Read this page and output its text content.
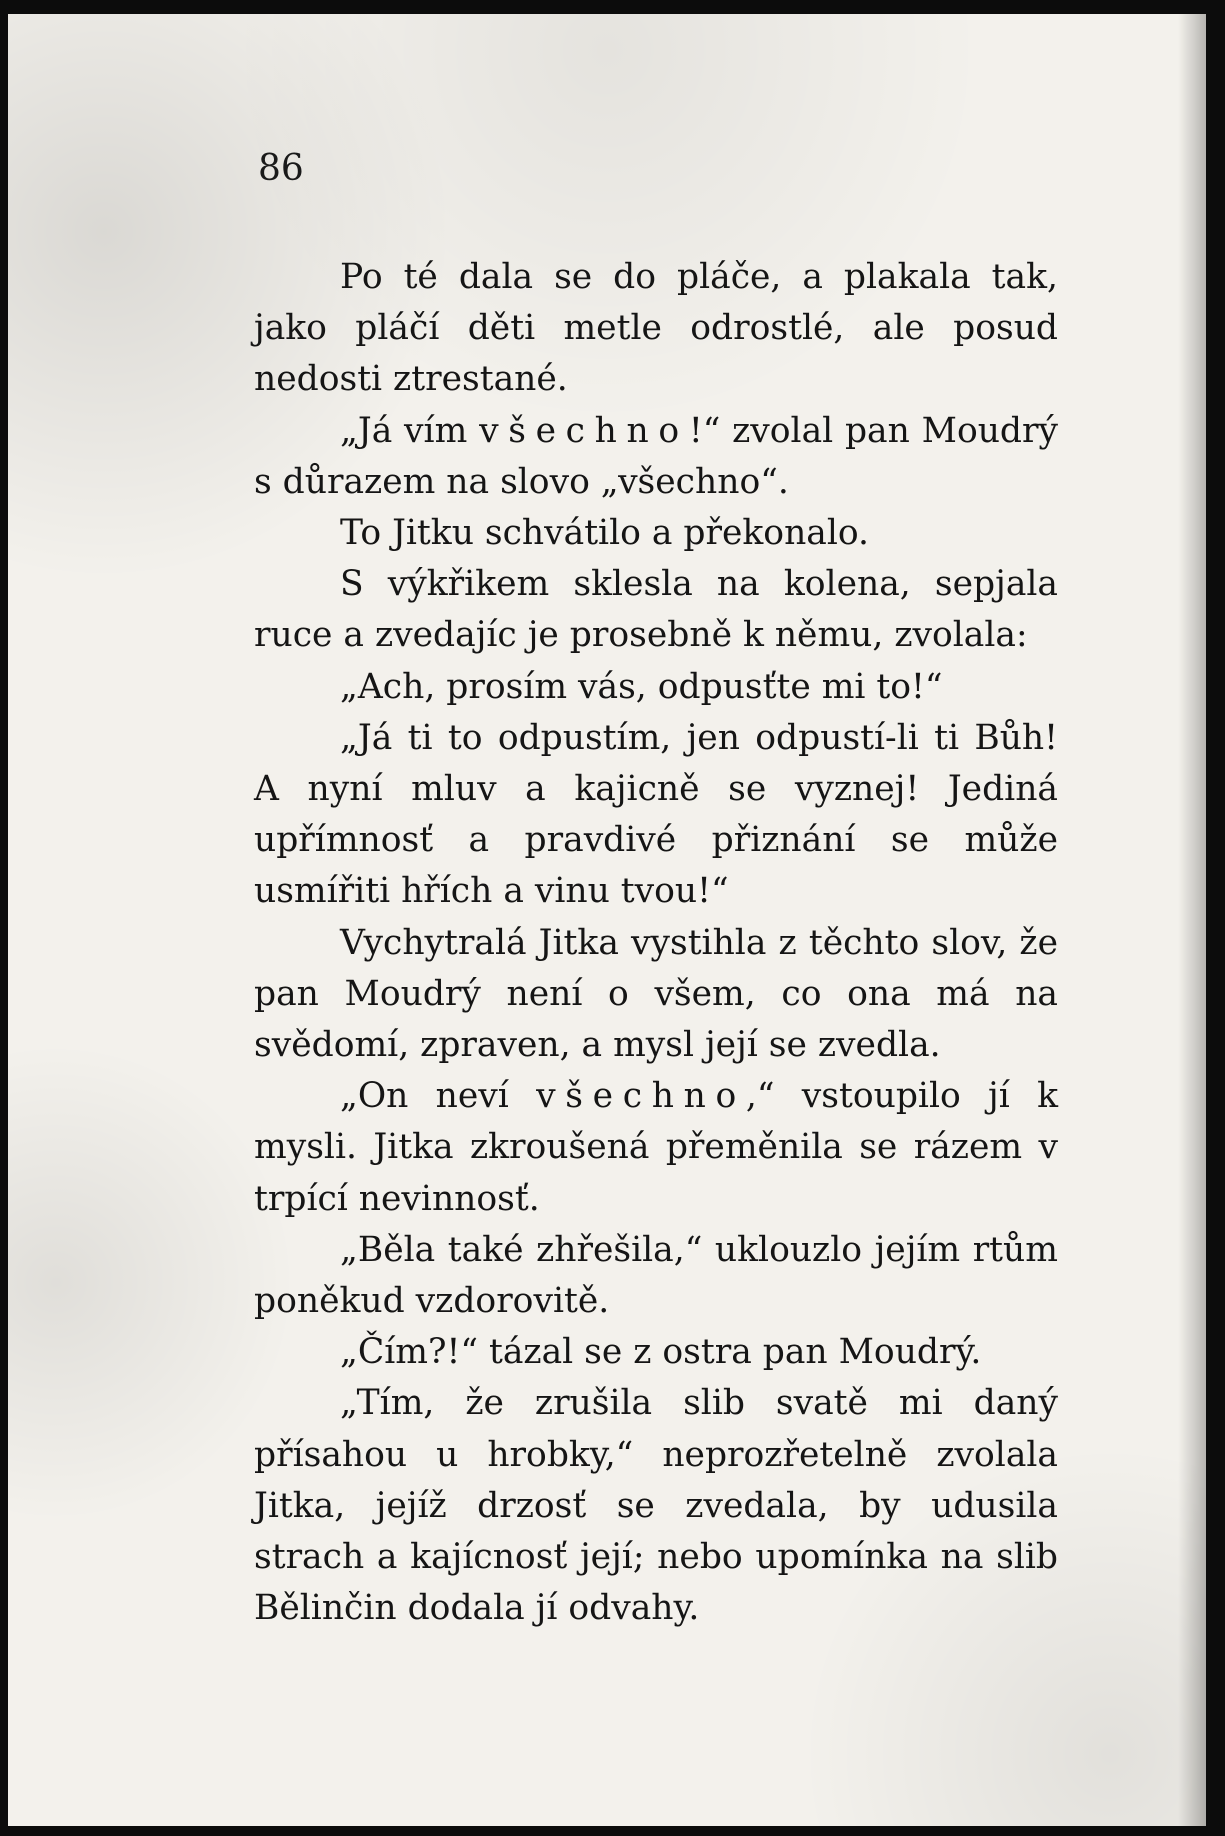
86

Po té dala se do pláče, a plakala tak, jako pláčí děti metle odrostlé, ale posud nedosti ztrestané.

„Já vím všechno!“ zvolal pan Moudrý s důrazem na slovo „všechno“.

To Jitku schvátilo a překonalo.

S výkřikem sklesla na kolena, sepjala ruce a zvedajíc je prosebně k němu, zvolala:

„Ach, prosím vás, odpusťte mi to!“

„Já ti to odpustím, jen odpustí-li ti Bůh! A nyní mluv a kajicně se vyznej! Jediná upřímnosť a pravdivé přiznání se může usmířiti hřích a vinu tvou!“

Vychytralá Jitka vystihla z těchto slov, že pan Moudrý není o všem, co ona má na svědomí, zpraven, a mysl její se zvedla.

„On neví všechno,“ vstoupilo jí k mysli. Jitka zkroušená přeměnila se rázem v trpící nevinnosť.

„Běla také zhřešila,“ uklouzlo jejím rtům poněkud vzdorovitě.

„Čím?!“ tázal se z ostra pan Moudrý.

„Tím, že zrušila slib svatě mi daný přísahou u hrobky,“ neprozřetelně zvolala Jitka, jejíž drzosť se zvedala, by udusila strach a kajícnosť její; nebo upomínka na slib Bělinčin dodala jí odvahy.
